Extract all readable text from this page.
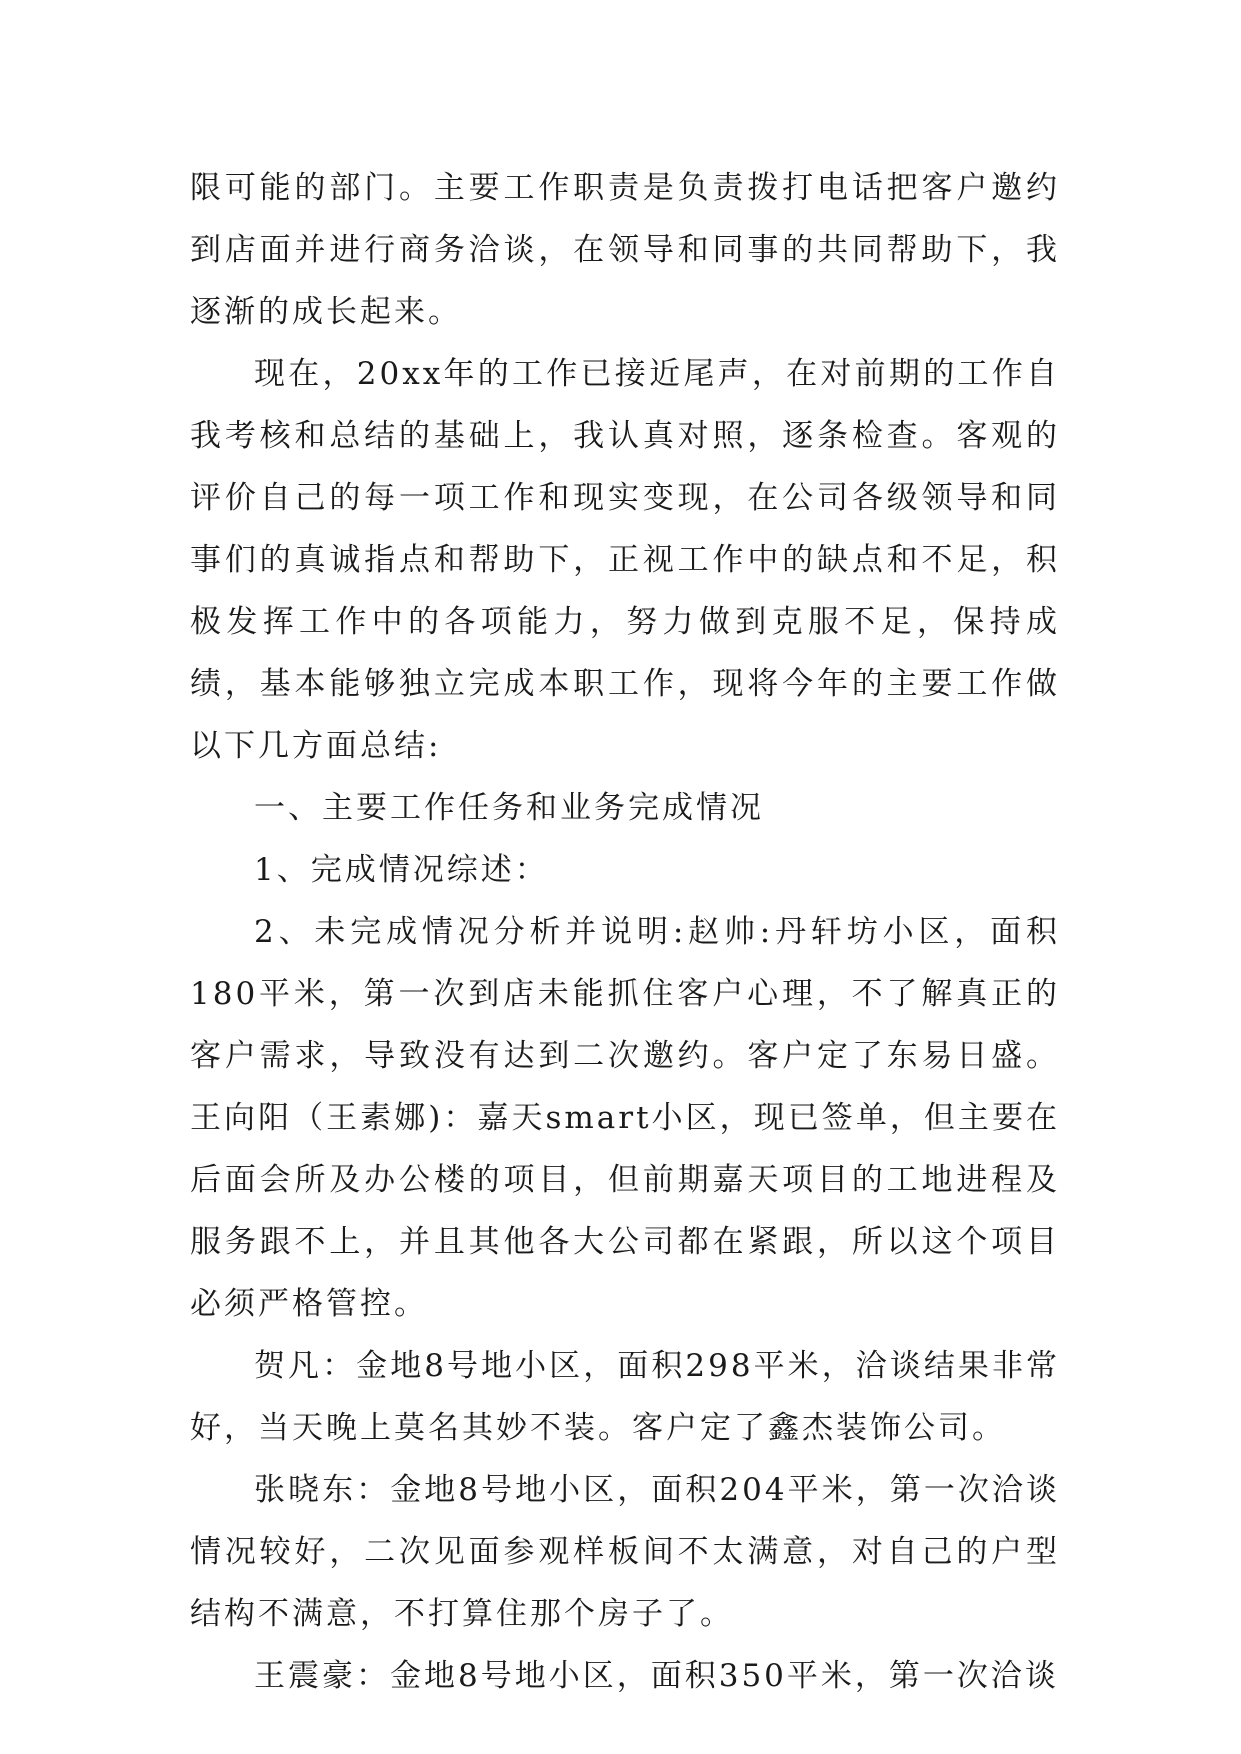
限可能的部门。主要工作职责是负责拨打电话把客户邀约到店面并进行商务洽谈，在领导和同事的共同帮助下，我逐渐的成长起来。

现在，20xx年的工作已接近尾声，在对前期的工作自我考核和总结的基础上，我认真对照，逐条检查。客观的评价自己的每一项工作和现实变现，在公司各级领导和同事们的真诚指点和帮助下，正视工作中的缺点和不足，积极发挥工作中的各项能力，努力做到克服不足，保持成绩，基本能够独立完成本职工作，现将今年的主要工作做以下几方面总结:

一、主要工作任务和业务完成情况

1、完成情况综述：

2、未完成情况分析并说明:赵帅:丹轩坊小区，面积180平米，第一次到店未能抓住客户心理，不了解真正的客户需求，导致没有达到二次邀约。客户定了东易日盛。王向阳（王素娜)：嘉天smart小区，现已签单，但主要在后面会所及办公楼的项目，但前期嘉天项目的工地进程及服务跟不上，并且其他各大公司都在紧跟，所以这个项目必须严格管控。

贺凡：金地8号地小区，面积298平米，洽谈结果非常好，当天晚上莫名其妙不装。客户定了鑫杰装饰公司。

张晓东：金地8号地小区，面积204平米，第一次洽谈情况较好，二次见面参观样板间不太满意，对自己的户型结构不满意，不打算住那个房子了。

王震豪：金地8号地小区，面积350平米，第一次洽谈
